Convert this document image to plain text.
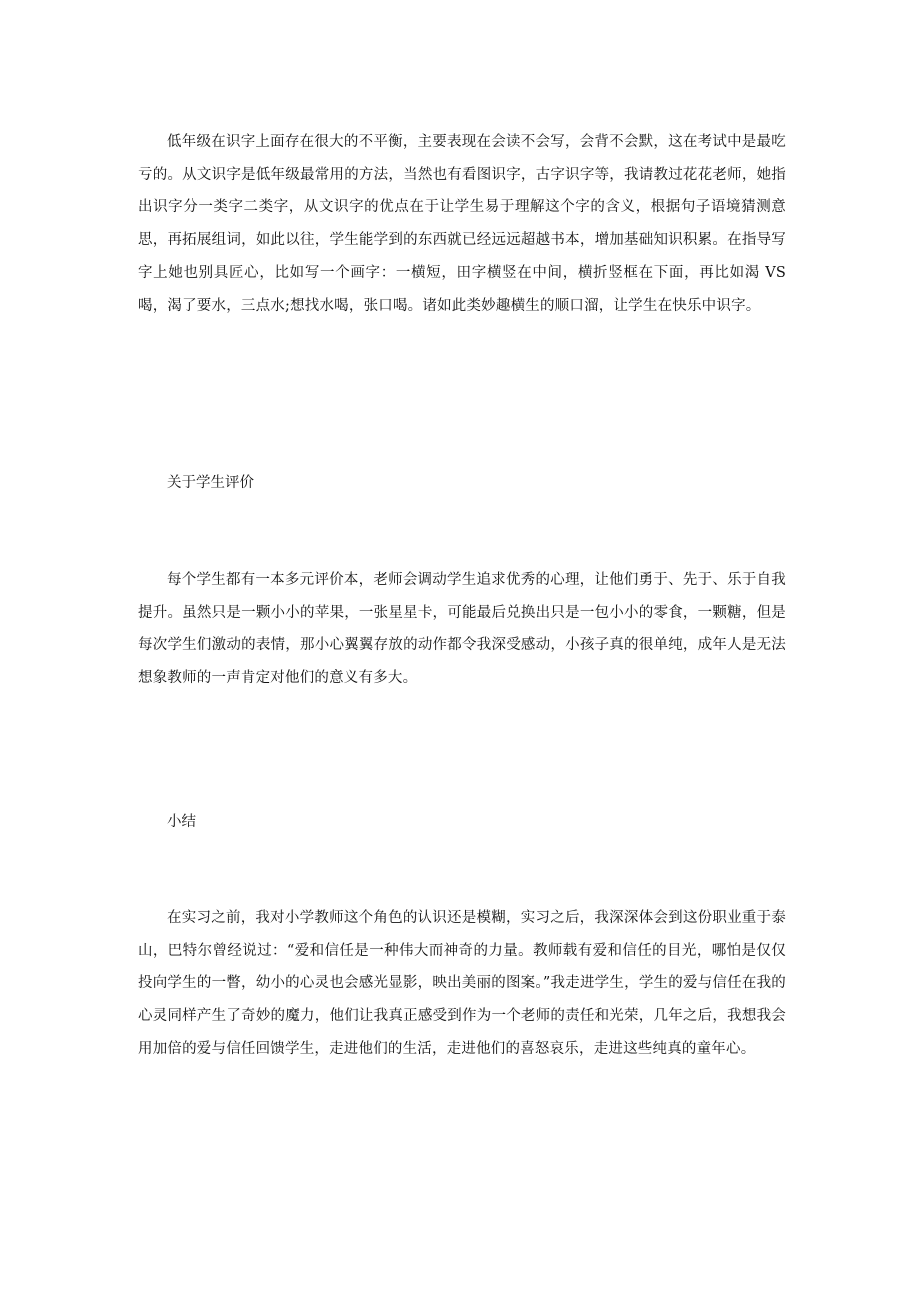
低年级在识字上面存在很大的不平衡，主要表现在会读不会写，会背不会默，这在考试中是最吃亏的。从文识字是低年级最常用的方法，当然也有看图识字，古字识字等，我请教过花花老师，她指出识字分一类字二类字，从文识字的优点在于让学生易于理解这个字的含义，根据句子语境猜测意思，再拓展组词，如此以往，学生能学到的东西就已经远远超越书本，增加基础知识积累。在指导写字上她也别具匠心，比如写一个画字：一横短，田字横竖在中间，横折竖框在下面，再比如渴 VS 喝，渴了要水，三点水;想找水喝，张口喝。诸如此类妙趣横生的顺口溜，让学生在快乐中识字。

关于学生评价

每个学生都有一本多元评价本，老师会调动学生追求优秀的心理，让他们勇于、先于、乐于自我提升。虽然只是一颗小小的苹果，一张星星卡，可能最后兑换出只是一包小小的零食，一颗糖，但是每次学生们激动的表情，那小心翼翼存放的动作都令我深受感动，小孩子真的很单纯，成年人是无法想象教师的一声肯定对他们的意义有多大。

小结

在实习之前，我对小学教师这个角色的认识还是模糊，实习之后，我深深体会到这份职业重于泰山，巴特尔曾经说过：“爱和信任是一种伟大而神奇的力量。教师载有爱和信任的目光，哪怕是仅仅投向学生的一瞥，幼小的心灵也会感光显影，映出美丽的图案。”我走进学生，学生的爱与信任在我的心灵同样产生了奇妙的魔力，他们让我真正感受到作为一个老师的责任和光荣，几年之后，我想我会用加倍的爱与信任回馈学生，走进他们的生活，走进他们的喜怒哀乐，走进这些纯真的童年心。
